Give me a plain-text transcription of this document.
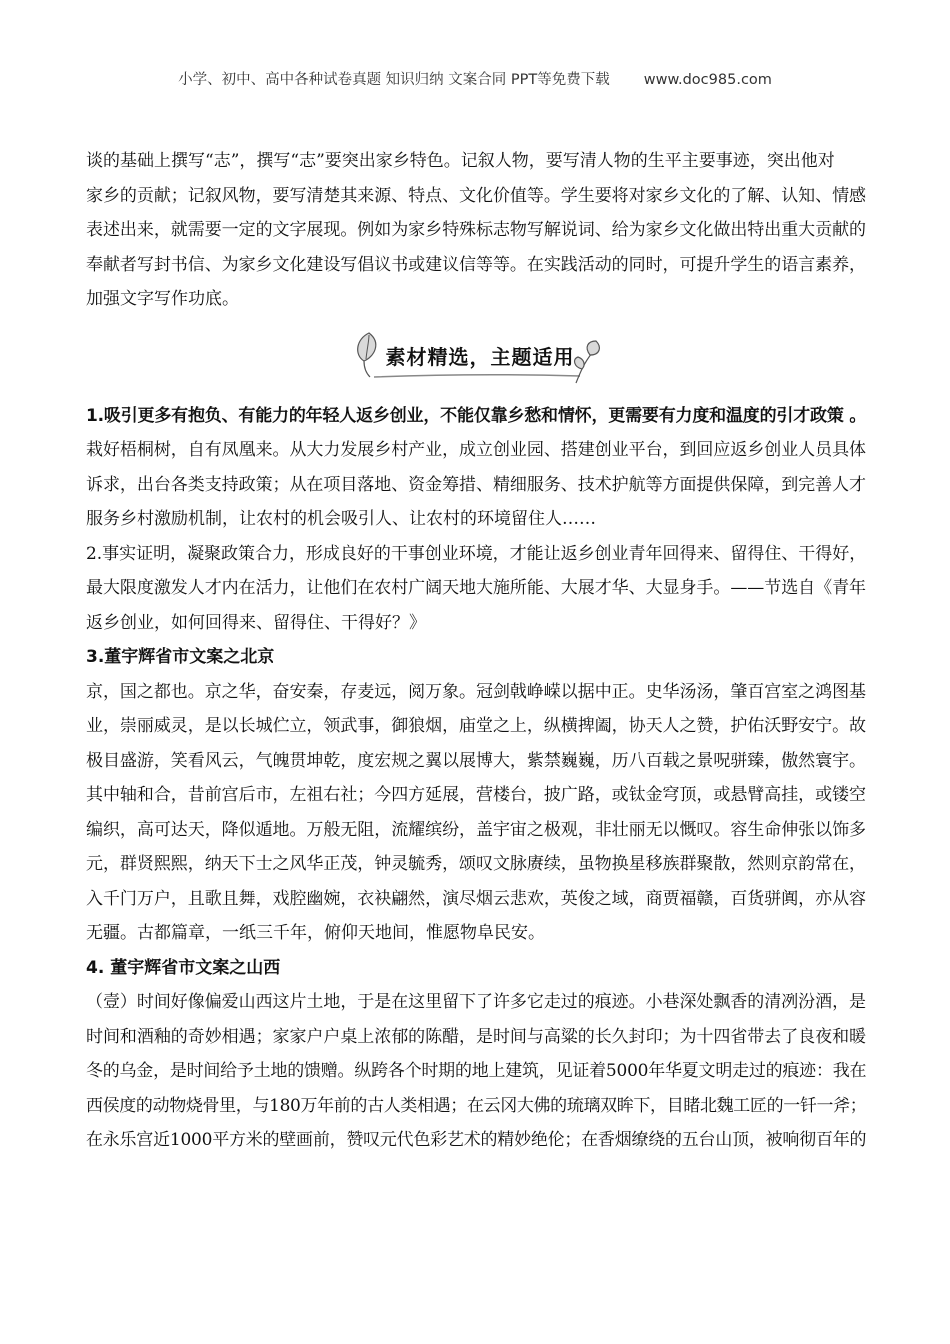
小学、初中、高中各种试卷真题 知识归纳 文案合同 PPT等免费下载 www.doc985.com
谈的基础上撰写“志”，撰写“志”要突出家乡特色。记叙人物，要写清人物的生平主要事迹，突出他对
家乡的贡献；记叙风物，要写清楚其来源、特点、文化价值等。学生要将对家乡文化的了解、认知、情感
表述出来，就需要一定的文字展现。例如为家乡特殊标志物写解说词、给为家乡文化做出特出重大贡献的
奉献者写封书信、为家乡文化建设写倡议书或建议信等等。在实践活动的同时，可提升学生的语言素养，
加强文字写作功底。
素材精选，主题适用
1.吸引更多有抱负、有能力的年轻人返乡创业，不能仅靠乡愁和情怀，更需要有力度和温度的引才政策 。
栽好梧桐树，自有凤凰来。从大力发展乡村产业，成立创业园、搭建创业平台，到回应返乡创业人员具体
诉求，出台各类支持政策；从在项目落地、资金筹措、精细服务、技术护航等方面提供保障，到完善人才
服务乡村激励机制，让农村的机会吸引人、让农村的环境留住人……
2.事实证明，凝聚政策合力，形成良好的干事创业环境，才能让返乡创业青年回得来、留得住、干得好，
最大限度激发人才内在活力，让他们在农村广阔天地大施所能、大展才华、大显身手。——节选自《青年
返乡创业，如何回得来、留得住、干得好？》
3.董宇辉省市文案之北京
京，国之都也。京之华，奋安秦，存麦远，阅万象。冠剑戟峥嵘以据中正。史华汤汤，肇百宫室之鸿图基
业，崇丽威灵，是以长城伫立，领武事，御狼烟，庙堂之上，纵横捭阖，协天人之赞，护佑沃野安宁。故
极目盛游，笑看风云，气魄贯坤乾，度宏规之翼以展博大，紫禁巍巍，历八百载之景呪骈臻，傲然寰宇。
其中轴和合，昔前宫后市，左祖右社；今四方延展，营楼台，披广路，或钛金穹顶，或悬臂高挂，或镂空
编织，高可达天，降似遁地。万般无阻，流耀缤纷，盖宇宙之极观，非壮丽无以慨叹。容生命伸张以饰多
元，群贤熙熙，纳天下士之风华正茂，钟灵毓秀，颂叹文脉赓续，虽物换星移族群聚散，然则京韵常在，
入千门万户，且歌且舞，戏腔幽婉，衣袂翩然，演尽烟云悲欢，英俊之域，商贾福赣，百货骈阗，亦从容
无疆。古都篇章，一纸三千年，俯仰天地间，惟愿物阜民安。
4. 董宇辉省市文案之山西
（壹）时间好像偏爱山西这片土地，于是在这里留下了许多它走过的痕迹。小巷深处飘香的清冽汾酒，是
时间和酒釉的奇妙相遇；家家户户桌上浓郁的陈醋，是时间与高粱的长久封印；为十四省带去了良夜和暖
冬的乌金，是时间给予土地的馈赠。纵跨各个时期的地上建筑，见证着5000年华夏文明走过的痕迹：我在
西侯度的动物烧骨里，与180万年前的古人类相遇；在云冈大佛的琉璃双眸下，目睹北魏工匠的一钎一斧；
在永乐宫近1000平方米的壁画前，赞叹元代色彩艺术的精妙绝伦；在香烟缭绕的五台山顶，被响彻百年的
